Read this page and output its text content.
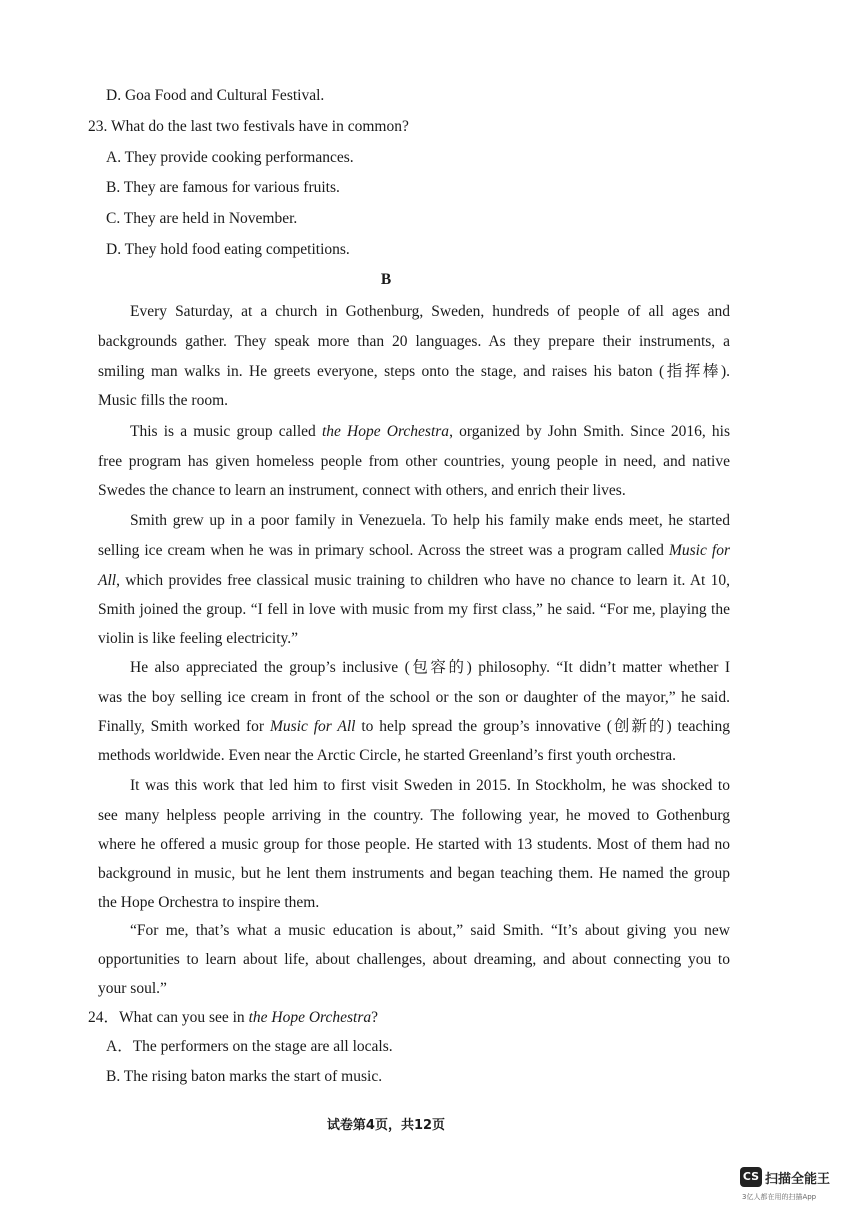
D. Goa Food and Cultural Festival.
23. What do the last two festivals have in common?
A. They provide cooking performances.
B. They are famous for various fruits.
C. They are held in November.
D. They hold food eating competitions.
B
Every Saturday, at a church in Gothenburg, Sweden, hundreds of people of all ages and
backgrounds gather. They speak more than 20 languages. As they prepare their instruments, a
smiling man walks in. He greets everyone, steps onto the stage, and raises his baton (指挥棒).
Music fills the room.
This is a music group called the Hope Orchestra, organized by John Smith. Since 2016, his
free program has given homeless people from other countries, young people in need, and native
Swedes the chance to learn an instrument, connect with others, and enrich their lives.
Smith grew up in a poor family in Venezuela. To help his family make ends meet, he started
selling ice cream when he was in primary school. Across the street was a program called Music for
All, which provides free classical music training to children who have no chance to learn it. At 10,
Smith joined the group. “I fell in love with music from my first class,” he said. “For me, playing the
violin is like feeling electricity.”
He also appreciated the group’s inclusive (包容的) philosophy. “It didn’t matter whether I
was the boy selling ice cream in front of the school or the son or daughter of the mayor,” he said.
Finally, Smith worked for Music for All to help spread the group’s innovative (创新的) teaching
methods worldwide. Even near the Arctic Circle, he started Greenland’s first youth orchestra.
It was this work that led him to first visit Sweden in 2015. In Stockholm, he was shocked to
see many helpless people arriving in the country. The following year, he moved to Gothenburg
where he offered a music group for those people. He started with 13 students. Most of them had no
background in music, but he lent them instruments and began teaching them. He named the group
the Hope Orchestra to inspire them.
“For me, that’s what a music education is about,” said Smith. “It’s about giving you new
opportunities to learn about life, about challenges, about dreaming, and about connecting you to
your soul.”
24．What can you see in the Hope Orchestra?
A．The performers on the stage are all locals.
B. The rising baton marks the start of music.
试卷第4页，共12页
CS 扫描全能王
3亿人都在用的扫描App
